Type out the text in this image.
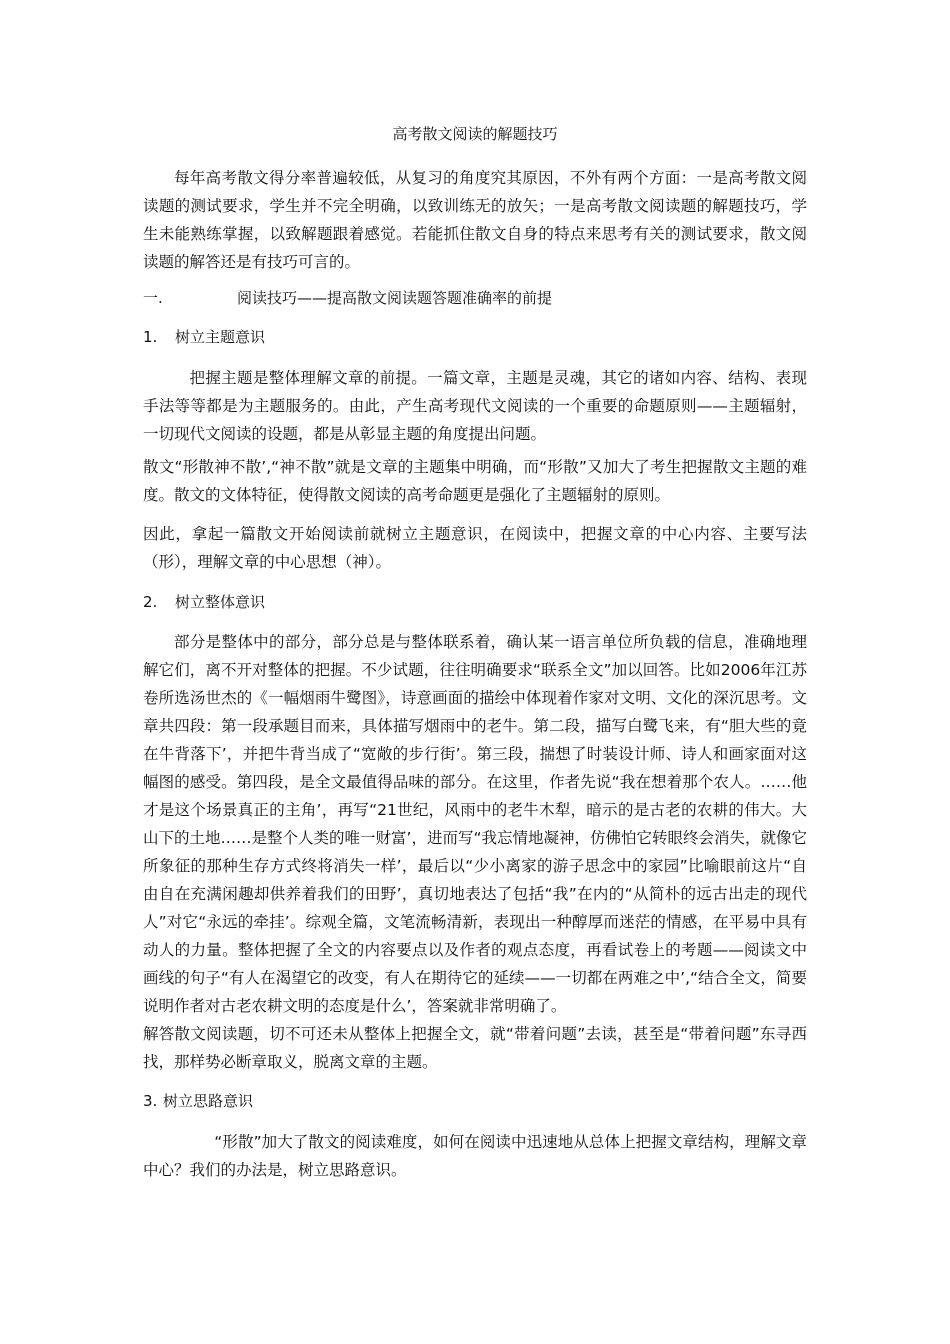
高考散文阅读的解题技巧

每年高考散文得分率普遍较低，从复习的角度究其原因，不外有两个方面：一是高考散文阅读题的测试要求，学生并不完全明确，以致训练无的放矢；一是高考散文阅读题的解题技巧，学生未能熟练掌握，以致解题跟着感觉。若能抓住散文自身的特点来思考有关的测试要求，散文阅读题的解答还是有技巧可言的。

一.	阅读技巧——提高散文阅读题答题准确率的前提
1. 树立主题意识

把握主题是整体理解文章的前提。一篇文章，主题是灵魂，其它的诸如内容、结构、表现手法等等都是为主题服务的。由此，产生高考现代文阅读的一个重要的命题原则——主题辐射，一切现代文阅读的设题，都是从彰显主题的角度提出问题。

散文“形散神不散’,“神不散”就是文章的主题集中明确，而“形散”又加大了考生把握散文主题的难度。散文的文体特征，使得散文阅读的高考命题更是强化了主题辐射的原则。

因此，拿起一篇散文开始阅读前就树立主题意识，在阅读中，把握文章的中心内容、主要写法（形），理解文章的中心思想（神）。

2. 树立整体意识

部分是整体中的部分，部分总是与整体联系着，确认某一语言单位所负载的信息，准确地理解它们，离不开对整体的把握。不少试题，往往明确要求“联系全文”加以回答。比如2006年江苏卷所选汤世杰的《一幅烟雨牛鹭图》，诗意画面的描绘中体现着作家对文明、文化的深沉思考。文章共四段：第一段承题目而来，具体描写烟雨中的老牛。第二段，描写白鹭飞来，有“胆大些的竟在牛背落下’，并把牛背当成了“宽敞的步行街’。第三段，揣想了时装设计师、诗人和画家面对这幅图的感受。第四段，是全文最值得品味的部分。在这里，作者先说“我在想着那个农人。……他才是这个场景真正的主角’，再写“21世纪，风雨中的老牛木犁，暗示的是古老的农耕的伟大。大山下的土地……是整个人类的唯一财富’，进而写“我忘情地凝神，仿佛怕它转眼终会消失，就像它所象征的那种生存方式终将消失一样’，最后以“少小离家的游子思念中的家园”比喻眼前这片“自由自在充满闲趣却供养着我们的田野’，真切地表达了包括“我”在内的“从简朴的远古出走的现代人”对它“永远的牵挂’。综观全篇，文笔流畅清新，表现出一种醇厚而迷茫的情感，在平易中具有动人的力量。整体把握了全文的内容要点以及作者的观点态度，再看试卷上的考题——阅读文中画线的句子“有人在渴望它的改变，有人在期待它的延续——一切都在两难之中’,“结合全文，简要说明作者对古老农耕文明的态度是什么’，答案就非常明确了。

解答散文阅读题，切不可还未从整体上把握全文，就“带着问题”去读，甚至是“带着问题”东寻西找，那样势必断章取义，脱离文章的主题。

3. 树立思路意识

“形散”加大了散文的阅读难度，如何在阅读中迅速地从总体上把握文章结构，理解文章中心？我们的办法是，树立思路意识。
